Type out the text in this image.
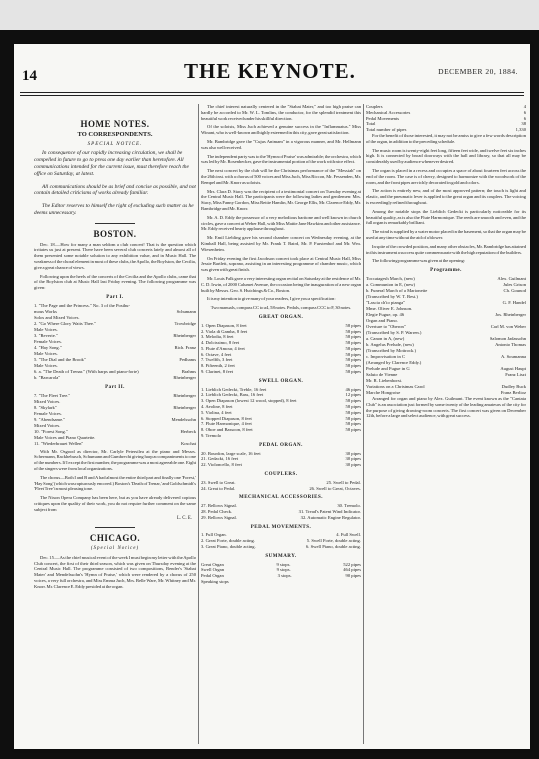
14	THE KEYNOTE.	DECEMBER 20, 1884.
HOME NOTES.
TO CORRESPONDENTS.
SPECIAL NOTICE.

In consequence of our rapidly increasing circulation, we shall be compelled in future to go to press one day earlier than heretofore. All communications intended for the current issue, must therefore reach the office on Saturday, at latest.

All communications should be as brief and concise as possible, and not contain detailed criticisms of works already familiar.

The Editor reserves to himself the right of excluding such matter as he deems unnecessary.

BOSTON.

Dec. 18.—How for many a man seldom a club concert! That is the question which irritates us just at present. There have been several club concerts lately and almost all of them presented some notable solution to any exhibition value, and in Music Hall. The weakness of the choral element in most of these clubs, the Apollo, the Boylston, the Cecilia, give a great chance of views.

Following upon the heels of the concerts of the Cecilia and the Apollo clubs, came that of the Boylston club at Music Hall last Friday evening. The following programme was given:

Part I.
1. "The Page and the Princess." No. 3 of the Posthu-
mous Works	Schumann
Solos and Mixed Voices.
2. "Go Where Glory Waits Thee."	Trowbridge
Male Voices.
3. "Reverie."	Rheinberger
Female Voices.
4. "Hay Song."	Rich. Franz
Male Voices.
5. "The Dial and the Brook"	Pedhams
Male Voices.
6. a. "The Death of Trenar." (With harps and piano-forte)	Brahms
b. "Barcarola"	Rheinberger
Part II.
7. "The Fleet Tree."	Rheinberger
Mixed Voices.
8. "Skylark"	Rheinberger
Female Voices.
9. "Abendsame."	Mendelssohn
Mixed Voices.
10. "Forest Song."	Herbeck
Male Voices and Piano Quartette.
11. "Wiederbrauet Wellen"	Koschat

With Mr. Osgood as director, Mr. Carlyle Petersilea at the piano and Messrs. Schermann, Rackhebusch, Schumann and Gumbrecht giving harp accompaniments to one of the numbers. If I except the first number, the programme was a most agreeable one. Eight of the singers were from local organizations.

The chorus—Both I and B and A had almost the entire third part and finally one 'Forest,' 'Hay Song' (which was rapturously encored.) Boston's 'Death of Trenar,' and Goldschmidt's 'Fleet Tree' in most pleasing tone.

The Nixon Opera Company has been here, but as you have already delivered copious critiques upon the quality of their work, you do not require further comment on the same subject from

L. C. E.
CHICAGO.
(Special Notice)

Dec. 15.—As the chief musical event of the week I must begin my letter with the Apollo Club concert, the first of their third season, which was given on Thursday evening at the Central Music Hall. The programme consisted of two compositions, Bender's 'Stabat Mater' and Mendelssohn's 'Hymn of Praise,' which were rendered by a chorus of 250 voices, a very full orchestra, and Miss Emma Juch, Mrs. Belle Ware, Mr. Whitney and Mr. Knorr. Mr. Clarence E. Eddy presided at the organ.

The chief interest naturally centered in the "Stabat Mater," and too high praise can hardly be accorded to Mr. W. L. Tomlins, the conductor, for the splendid treatment this beautiful work received under his skillful direction.

Of the soloists, Miss Juch achieved a genuine success in the "Inflammatus." Miss Winant, who is well-known and highly esteemed in this city, gave great satisfaction.

Mr. Bambridge gave the "Cujus Animam" in a vigorous manner, and Mr. Hellmann was also well received.

The independent party was to the 'Hymn of Praise' was admirable; the orchestra, which was led by Mr. Rosenbecker, gave the instrumental portion of the work with nice effect.

The next concert by the club will be the Christmas performance of the "Messiah" on the 26th inst. with a chorus of 500 voices and Miss Juch, Miss Riccon, Mr. Fessenden, Mr. Rempel and Mr. Knorr as soloists.

Mrs. Clara D. Stacy was the recipient of a testimonial concert on Tuesday evening at the Central Music Hall. The participants were the following ladies and gentlemen: Mrs. Stacy, Miss Fanny Gordon, Miss Rettie Hamlin, Mr. George Ellis, Mr. Clarence Eddy, Mr. Bambridge and Mr. Knorr.

Mr. A. D. Eddy the possessor of a very melodious baritone and well known in church circles, gave a concert at Weber Hall, with Miss Mattie Jane Hawkins and other assistance. Mr. Eddy received hearty applause throughout.

Mr. Emil Liebling gave his second chamber concert on Wednesday evening, at the Kimball Hall, being assisted by Mr. Frank T. Baird, Mr. P. Furstenhof and Mr. Wm. Wiesenheim.

On Friday evening the first Jacobson concert took place at Central Music Hall, Miss Jessie Bartlett, soprano, assisting in an interesting programme of chamber music, which was given with great finish.

Mr. Louis Falk gave a very interesting organ recital on Saturday at the residence of Mr. C. D. Irwin, of 2000 Calumet Avenue, the occasion being the inauguration of a new organ built by Messrs. Geo. S. Hutchings & Co., Boston.

It is my intention to give many of your readers, I give you a specification:

Two manuals, compass CC to a4, 58 notes. Pedals, compass CCC to F, 30 notes.

GREAT ORGAN.
1. Open Diapason, 8 feet	58 pipes
2. Viola di Gamba, 8 feet	58 pipes
3. Melodia, 8 feet	58 pipes
4. Dolcissimo, 8 feet	58 pipes
5. Flute d'Amour, 4 feet	58 pipes
6. Octave, 4 feet	58 pipes
7. Twelfth, 3 feet	58 pipes
8. Fifteenth, 2 feet	58 pipes
9. Clarinet, 8 feet	58 pipes
SWELL ORGAN.
1. Lieblich Gedeckt, Treble, 16 feet	46 pipes
2. Lieblich Gedeckt, Bass, 16 feet	12 pipes
3. Open Diapason (lowest 12 wood, stopped), 8 feet	58 pipes
4. Aeoline, 8 feet	58 pipes
5. Violina, 4 feet	58 pipes
6. Stopped Diapason, 8 feet	58 pipes
7. Flute Harmonique, 4 feet	58 pipes
8. Oboe and Bassoon, 8 feet	58 pipes
9. Tremolo
PEDAL ORGAN.
20. Bourdon, large scale, 16 feet	30 pipes
21. Gedackt, 16 feet	30 pipes
22. Violoncello, 8 feet	30 pipes
COUPLERS.
23. Swell to Great.	25. Swell to Pedal.
24. Great to Pedal.	26. Swell to Great, Octaves.
MECHANICAL ACCESSORIES.
27. Bellows Signal.	30. Tremolo.
28. Pedal Check.	31. Tread's Patent Wind Indicator.
29. Bellows Signal.	32. Automatic Engine Regulator.
PEDAL MOVEMENTS.
1. Full Organ.	4. Full Swell.
2. Great Forte, double acting.	5. Swell Forte, double acting.
3. Great Piano, double acting.	6. Swell Piano, double acting.
SUMMARY.
Great Organ	9 stops.	522 pipes
Swell Organ	9 stops.	464 pipes
Pedal Organ	3 stops.	90 pipes
Speaking stops
Couplers	4
Mechanical Accessories	6
Pedal Movements	6
Total	38
Total number of pipes	1,330

For the benefit of those interested, it may not be amiss to give a few words description of the organ, in addition to the preceding schedule.

The music room is twenty-eight feet long, fifteen feet wide, and twelve feet six inches high. It is connected by broad doorways with the hall and library, so that all may be considerably used by audience whenever desired.

The organ is placed in a recess and occupies a space of about fourteen feet across the end of the room. The case is of cherry, designed to harmonize with the woodwork of the room, and the front pipes are richly decorated in gold and colors.

The action is entirely new, and of the most approved pattern; the touch is light and elastic, and the pneumatic lever is applied to the great organ and its couplers. The voicing is exceedingly refined throughout.

Among the notable stops the Lieblich Gedeckt is particularly noticeable for its beautiful quality, as is also the Flute Harmonique. The reeds are smooth and even, and the full organ is remarkably brilliant.

The wind is supplied by a water motor placed in the basement, so that the organ may be used at any time without the aid of a blower.

In spite of the crowded position, and many other obstacles, Mr. Bambridge has attained in this instrument a success quite commensurate with the high reputation of the builders.

The following programme was given at the opening:

Programme.
Toccatagesh March, (new)	Alex. Guilmant
a. Communion in E, (new)	Jules Grison
b. Funeral March of a Marionette	Ch. Gounod
(Transcribed by W. T. Best.)
"Lascia ch'io pianga"	G. F. Handel
Mme. Oliver E. Johnson.
Elegie Fugue, op. 46	Jos. Rheinberger
Organ and Piano.
Overture to "Oberon"	Carl M. von Weber
(Transcribed by S. P. Warren.)
a. Canon in A, (new)	Salomon Jadassohn
b. Angelus Prelude, (new)	Antonio Thomas
(Transcribed by Mottrock.)
c. Improvisation in C	A. Soumanna
(Arranged by Clarence Eddy.)
Prelude and Fugue in G	August Haupt
Saluto de Vienne	Franz Liszt
Mr. R. Liebenhorst.
Variations on a Christmas Carol	Dudley Buck
Marche Hongroise	Franz Berlioz

Arranged for organ and piano by Alex. Guilmant. The event known as the "Cantata Club" is an association just formed by some twenty of the leading amateurs of the city for the purpose of giving drawing-room concerts. The first concert was given on December 12th, before a large and select audience, with great success.
